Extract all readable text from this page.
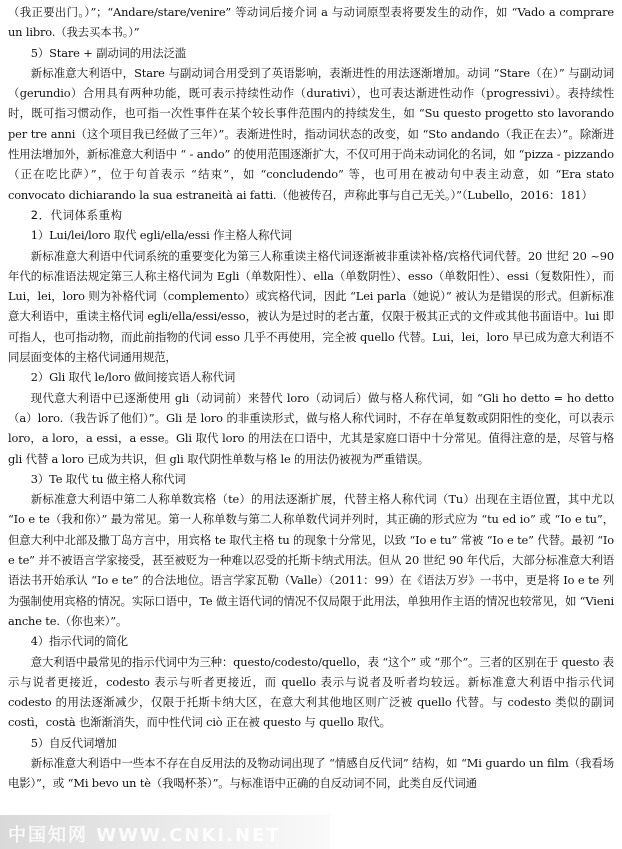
（我正要出门。）”；“Andare/stare/venire” 等动词后接介词 a 与动词原型表将要发生的动作，如 “Vado a comprare un libro.（我去买本书。）”

5）Stare + 副动词的用法泛滥

新标准意大利语中，Stare 与副动词合用受到了英语影响，表渐进性的用法逐渐增加。动词 “Stare（在）” 与副动词（gerundio）合用具有两种功能，既可表示持续性动作（durativi），也可表达渐进性动作（progressivi）。表持续性时，既可指习惯动作，也可指一次性事件在某个较长事件范围内的持续发生，如 “Su questo progetto sto lavorando per tre anni（这个项目我已经做了三年）”。表渐进性时，指动词状态的改变，如 “Sto andando（我正在去）”。除渐进性用法增加外，新标准意大利语中 “ - ando” 的使用范围逐渐扩大，不仅可用于尚未动词化的名词，如 “pizza - pizzando（正在吃比萨）”，位于句首表示 “结束”，如 “concludendo” 等，也可用在被动句中表主动意，如 “Era stato convocato dichiarando la sua estraneità ai fatti.（他被传召，声称此事与自己无关。）”（Lubello，2016：181）

2．代词体系重构

1）Lui/lei/loro 取代 egli/ella/essi 作主格人称代词

新标准意大利语中代词系统的重要变化为第三人称重读主格代词逐渐被非重读补格/宾格代词代替。20 世纪 20 ~90 年代的标准语法规定第三人称主格代词为 Egli（单数阳性）、ella（单数阴性）、esso（单数阳性）、essi（复数阳性），而 Lui，lei，loro 则为补格代词（complemento）或宾格代词，因此 “Lei parla（她说）” 被认为是错误的形式。但新标准意大利语中，重读主格代词 egli/ella/essi/esso，被认为是过时的老古董，仅限于极其正式的文件或其他书面语中。lui 即可指人，也可指动物，而此前指物的代词 esso 几乎不再使用，完全被 quello 代替。Lui，lei，loro 早已成为意大利语不同层面变体的主格代词通用规范，

2）Gli 取代 le/loro 做间接宾语人称代词

现代意大利语中已逐渐使用 gli（动词前）来替代 loro（动词后）做与格人称代词，如 “Gli ho detto = ho detto（a）loro.（我告诉了他们）”。Gli 是 loro 的非重读形式，做与格人称代词时，不存在单复数或阴阳性的变化，可以表示 loro，a loro，a essi，a esse。Gli 取代 loro 的用法在口语中，尤其是家庭口语中十分常见。值得注意的是，尽管与格 gli 代替 a loro 已成为共识，但 gli 取代阴性单数与格 le 的用法仍被视为严重错误。

3）Te 取代 tu 做主格人称代词

新标准意大利语中第二人称单数宾格（te）的用法逐渐扩展，代替主格人称代词（Tu）出现在主语位置，其中尤以 “Io e te（我和你）” 最为常见。第一人称单数与第二人称单数代词并列时，其正确的形式应为 “tu ed io” 或 “Io e tu”，但意大利中北部及撒丁岛方言中，用宾格 te 取代主格 tu 的现象十分常见，以致 “Io e tu” 常被 “Io e te” 代替。最初 “Io e te” 并不被语言学家接受，甚至被贬为一种难以忍受的托斯卡纳式用法。但从 20 世纪 90 年代后，大部分标准意大利语语法书开始承认 “Io e te” 的合法地位。语言学家瓦勒（Valle）（2011：99）在《语法万岁》一书中，更是将 Io e te 列为强制使用宾格的情况。实际口语中，Te 做主语代词的情况不仅局限于此用法，单独用作主语的情况也较常见，如 “Vieni anche te.（你也来）”。

4）指示代词的简化

意大利语中最常见的指示代词中为三种：questo/codesto/quello，表 “这个” 或 “那个”。三者的区别在于 questo 表示与说者更接近，codesto 表示与听者更接近，而 quello 表示与说者及听者均较远。新标准意大利语中指示代词 codesto 的用法逐渐减少，仅限于托斯卡纳大区，在意大利其他地区则广泛被 quello 代替。与 codesto 类似的副词 costì，costà 也渐渐消失，而中性代词 ciò 正在被 questo 与 quello 取代。

5）自反代词增加

新标准意大利语中一些本不存在自反用法的及物动词出现了 “情感自反代词” 结构，如 “Mi guardo un film（我看场电影）”，或 “Mi bevo un tè（我喝杯茶）”。与标准语中正确的自反动词不同，此类自反代词通

中国知网 WWW.CNKI.NET
